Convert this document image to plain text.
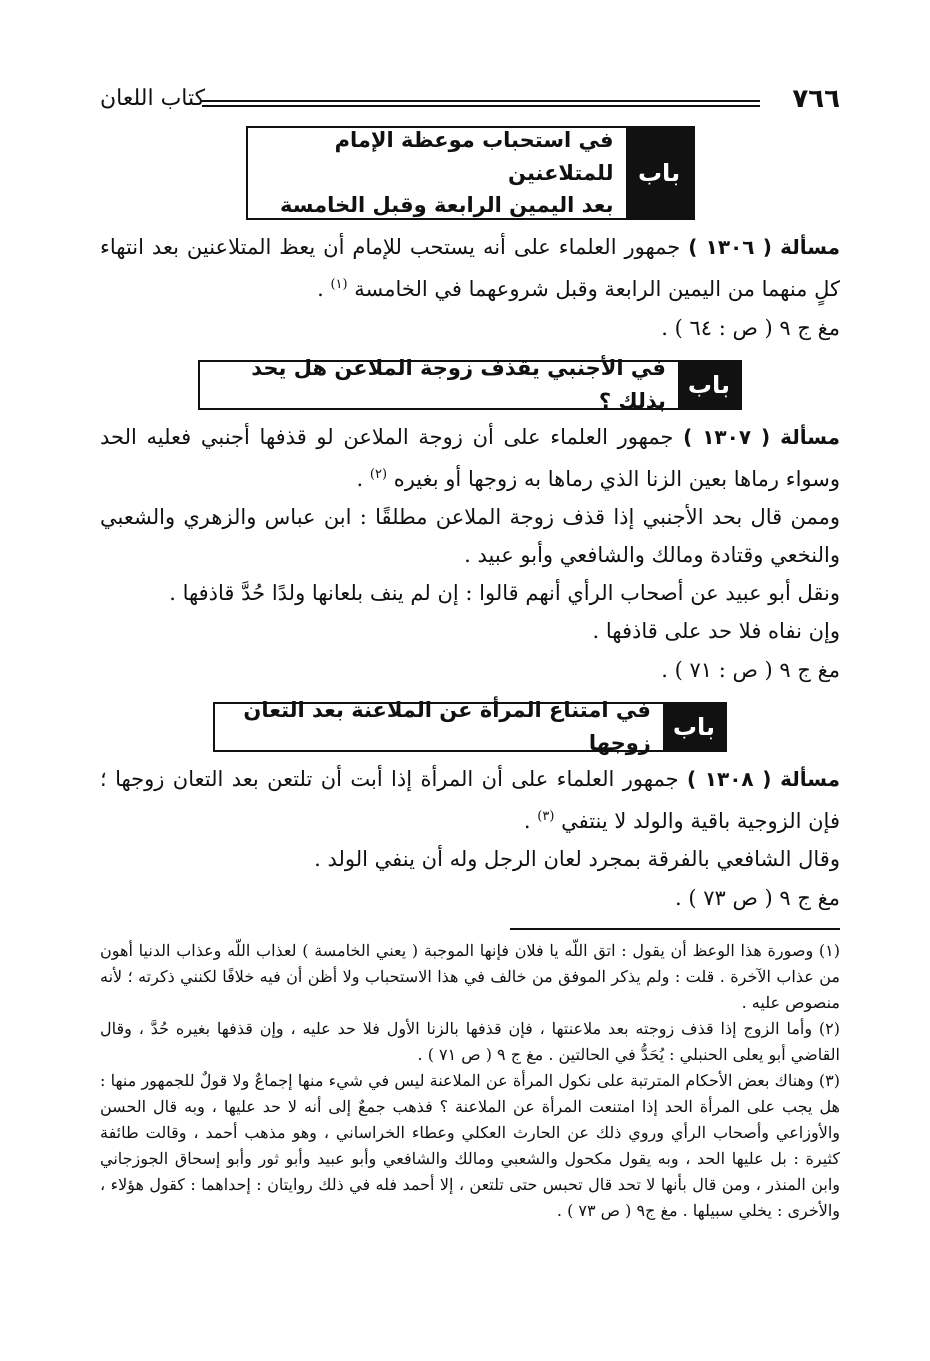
٧٦٦
كتاب اللعان
باب
في استحباب موعظة الإمام للمتلاعنين
بعد اليمين الرابعة وقبل الخامسة

مسألة ( ١٣٠٦ ) جمهور العلماء على أنه يستحب للإمام أن يعظ المتلاعنين بعد انتهاء كلٍ منهما من اليمين الرابعة وقبل شروعهما في الخامسة $^{(١)}$ .

مغ ج ٩ ( ص : ٦٤ ) .

باب
في الأجنبي يقذف زوجة الملاعن هل يحد بذلك ؟

مسألة ( ١٣٠٧ ) جمهور العلماء على أن زوجة الملاعن لو قذفها أجنبي فعليه الحد وسواء رماها بعين الزنا الذي رماها به زوجها أو بغيره $^{(٢)}$ .

وممن قال بحد الأجنبي إذا قذف زوجة الملاعن مطلقًا : ابن عباس والزهري والشعبي والنخعي وقتادة ومالك والشافعي وأبو عبيد .

ونقل أبو عبيد عن أصحاب الرأي أنهم قالوا : إن لم ينف بلعانها ولدًا حُدَّ قاذفها .

وإن نفاه فلا حد على قاذفها .

مغ ج ٩ ( ص : ٧١ ) .

باب
في امتناع المرأة عن الملاعنة بعد التعان زوجها

مسألة ( ١٣٠٨ ) جمهور العلماء على أن المرأة إذا أبت أن تلتعن بعد التعان زوجها ؛ فإن الزوجية باقية والولد لا ينتفي $^{(٣)}$ .

وقال الشافعي بالفرقة بمجرد لعان الرجل وله أن ينفي الولد .

مغ ج ٩ ( ص ٧٣ ) .

(١) وصورة هذا الوعظ أن يقول : اتق اللّه يا فلان فإنها الموجبة ( يعني الخامسة ) لعذاب اللّه وعذاب الدنيا أهون من عذاب الآخرة . قلت : ولم يذكر الموفق من خالف في هذا الاستحباب ولا أظن أن فيه خلافًا لكنني ذكرته ؛ لأنه منصوص عليه .

(٢) وأما الزوج إذا قذف زوجته بعد ملاعنتها ، فإن قذفها بالزنا الأول فلا حد عليه ، وإن قذفها بغيره حُدَّ ، وقال القاضي أبو يعلى الحنبلي : يُحَدُّ في الحالتين . مغ ج ٩ ( ص ٧١ ) .

(٣) وهناك بعض الأحكام المترتبة على نكول المرأة عن الملاعنة ليس في شيء منها إجماعٌ ولا قولٌ للجمهور منها : هل يجب على المرأة الحد إذا امتنعت المرأة عن الملاعنة ؟ فذهب جمعٌ إلى أنه لا حد عليها ، وبه قال الحسن والأوزاعي وأصحاب الرأي وروي ذلك عن الحارث العكلي وعطاء الخراساني ، وهو مذهب أحمد ، وقالت طائفة كثيرة : بل عليها الحد ، وبه يقول مكحول والشعبي ومالك والشافعي وأبو عبيد وأبو ثور وأبو إسحاق الجوزجاني وابن المنذر ، ومن قال بأنها لا تحد قال تحبس حتى تلتعن ، إلا أحمد فله في ذلك روايتان : إحداهما : كقول هؤلاء ، والأخرى : يخلي سبيلها . مغ ج٩ ( ص ٧٣ ) .
